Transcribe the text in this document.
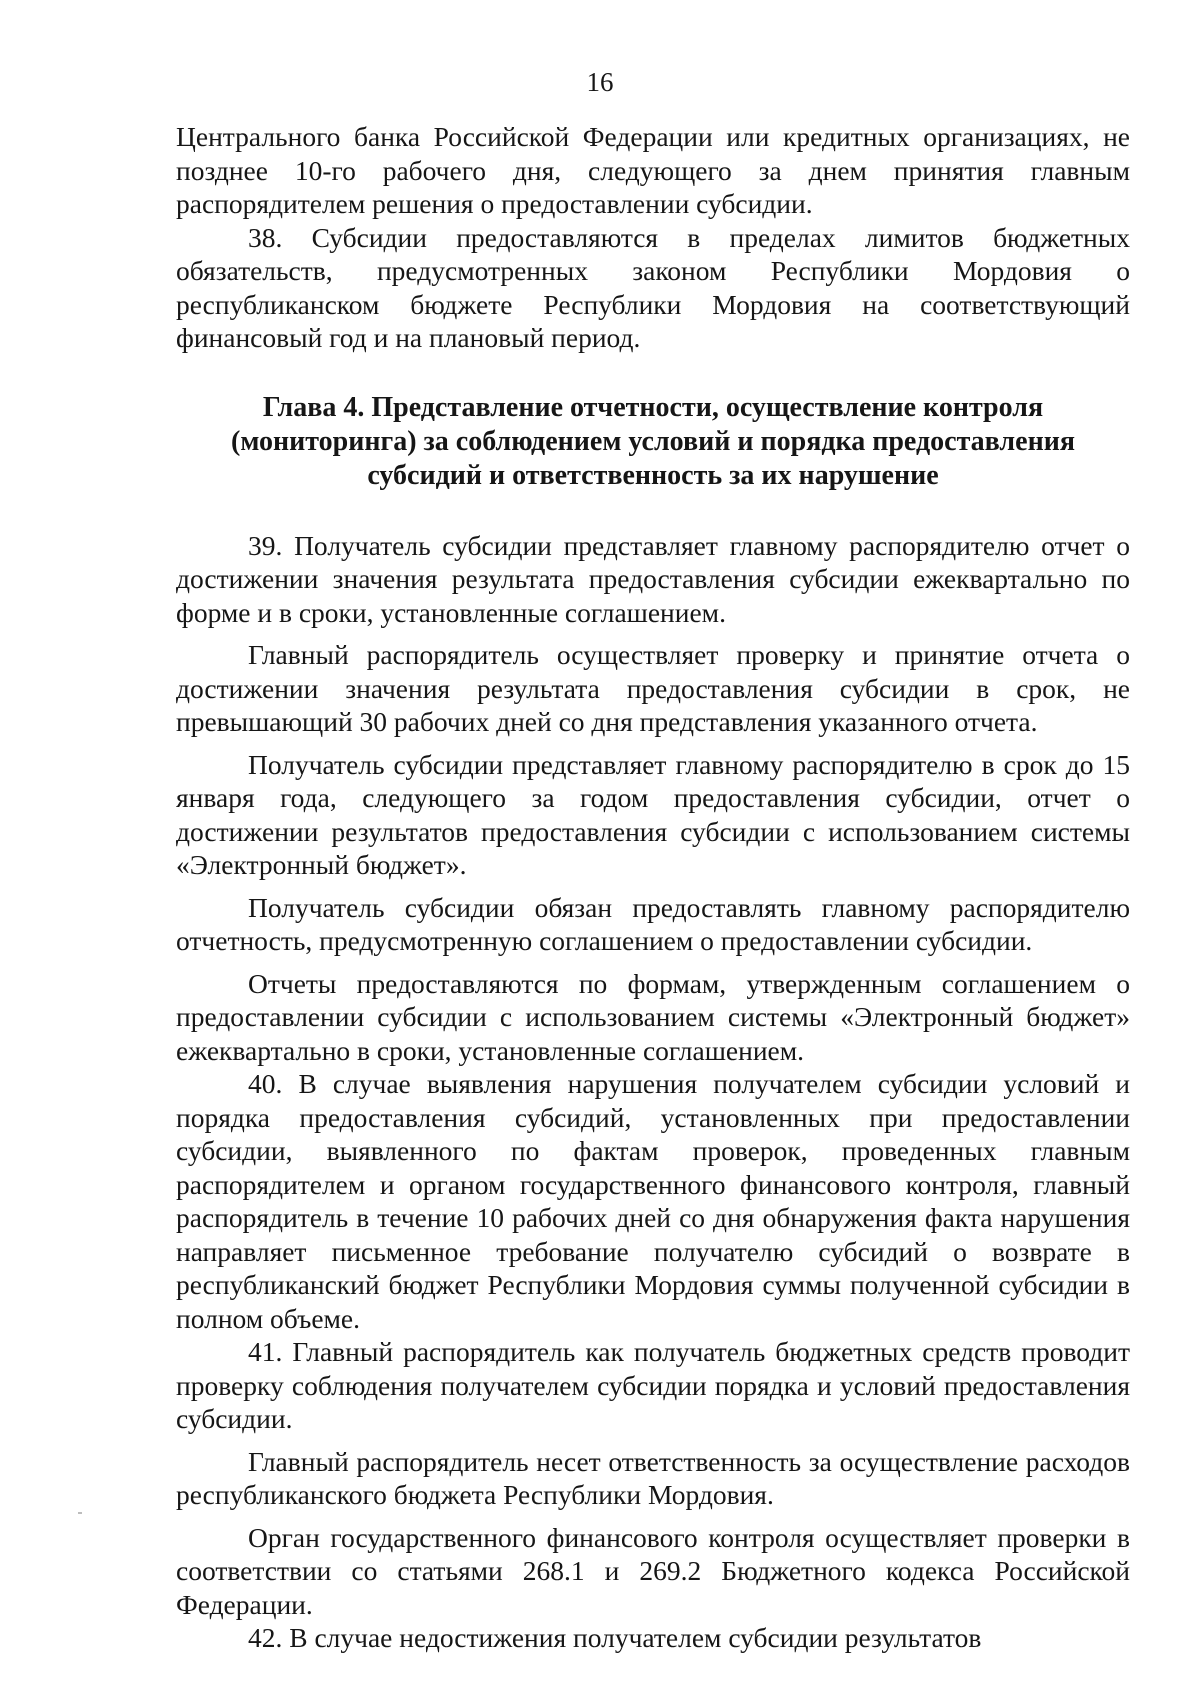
16

Центрального банка Российской Федерации или кредитных организациях, не позднее 10-го рабочего дня, следующего за днем принятия главным распорядителем решения о предоставлении субсидии.

38. Субсидии предоставляются в пределах лимитов бюджетных обязательств, предусмотренных законом Республики Мордовия о республиканском бюджете Республики Мордовия на соответствующий финансовый год и на плановый период.

Глава 4. Представление отчетности, осуществление контроля (мониторинга) за соблюдением условий и порядка предоставления субсидий и ответственность за их нарушение

39. Получатель субсидии представляет главному распорядителю отчет о достижении значения результата предоставления субсидии ежеквартально по форме и в сроки, установленные соглашением.

Главный распорядитель осуществляет проверку и принятие отчета о достижении значения результата предоставления субсидии в срок, не превышающий 30 рабочих дней со дня представления указанного отчета.

Получатель субсидии представляет главному распорядителю в срок до 15 января года, следующего за годом предоставления субсидии, отчет о достижении результатов предоставления субсидии с использованием системы «Электронный бюджет».

Получатель субсидии обязан предоставлять главному распорядителю отчетность, предусмотренную соглашением о предоставлении субсидии.

Отчеты предоставляются по формам, утвержденным соглашением о предоставлении субсидии с использованием системы «Электронный бюджет» ежеквартально в сроки, установленные соглашением.

40. В случае выявления нарушения получателем субсидии условий и порядка предоставления субсидий, установленных при предоставлении субсидии, выявленного по фактам проверок, проведенных главным распорядителем и органом государственного финансового контроля, главный распорядитель в течение 10 рабочих дней со дня обнаружения факта нарушения направляет письменное требование получателю субсидий о возврате в республиканский бюджет Республики Мордовия суммы полученной субсидии в полном объеме.

41. Главный распорядитель как получатель бюджетных средств проводит проверку соблюдения получателем субсидии порядка и условий предоставления субсидии.

Главный распорядитель несет ответственность за осуществление расходов республиканского бюджета Республики Мордовия.

Орган государственного финансового контроля осуществляет проверки в соответствии со статьями 268.1 и 269.2 Бюджетного кодекса Российской Федерации.

42. В случае недостижения получателем субсидии результатов
